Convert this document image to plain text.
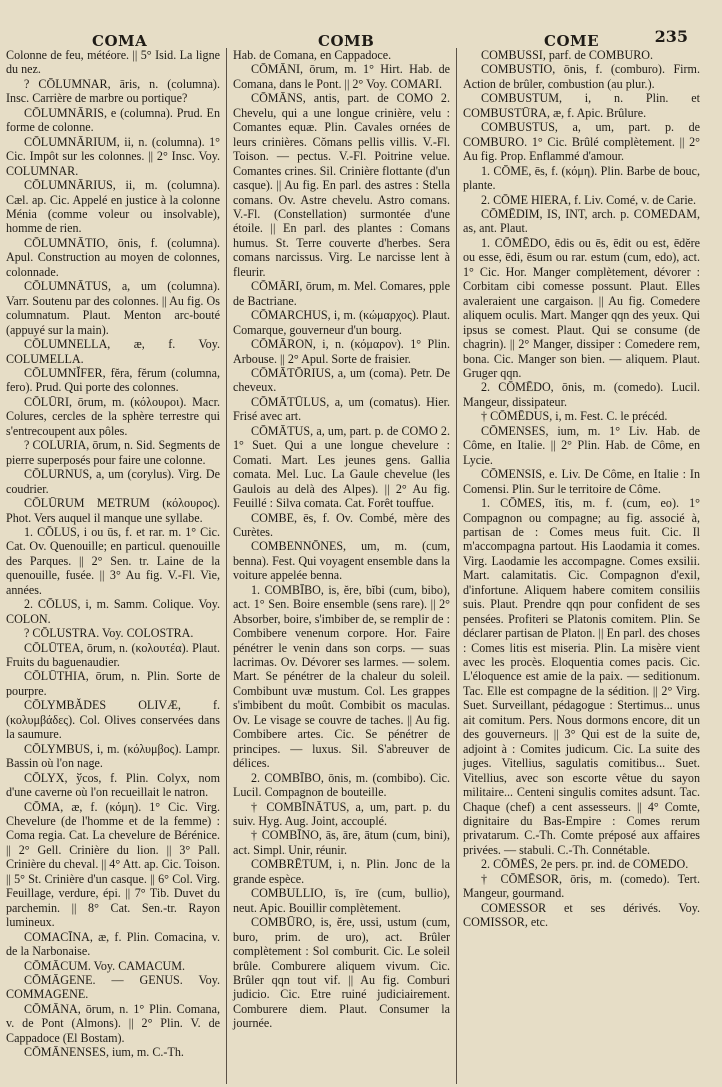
COMA	COMB	COME	235

Colonne de feu, météore. || 5° Isid. La ligne du nez.

? CŌLUMNAR, āris, n. (columna). Insc. Carrière de marbre ou portique?

CŌLUMNĀRIS, e (columna). Prud. En forme de colonne.

CŌLUMNĀRIUM, ii, n. (columna). 1° Cic. Impôt sur les colonnes. || 2° Insc. Voy. COLUMNAR.

CŌLUMNĀRIUS, ii, m. (columna). Cæl. ap. Cic. Appelé en justice à la colonne Ménia (comme voleur ou insolvable), homme de rien.

CŌLUMNĀTIO, ōnis, f. (columna). Apul. Construction au moyen de colonnes, colonnade.

CŌLUMNĀTUS, a, um (columna). Varr. Soutenu par des colonnes. || Au fig. Os columnatum. Plaut. Menton arc-bouté (appuyé sur la main).

CŌLUMNELLA, æ, f. Voy. COLUMELLA.

CŌLUMNĬFER, fĕra, fĕrum (columna, fero). Prud. Qui porte des colonnes.

CŌLŪRI, ōrum, m. (κόλουροι). Macr. Colures, cercles de la sphère terrestre qui s'entrecoupent aux pôles.

? COLURIA, ōrum, n. Sid. Segments de pierre superposés pour faire une colonne.

CŌLURNUS, a, um (corylus). Virg. De coudrier.

CŌLŪRUM METRUM (κόλουρος). Phot. Vers auquel il manque une syllabe.

1. CŌLUS, i ou ūs, f. et rar. m. 1° Cic. Cat. Ov. Quenouille; en particul. quenouille des Parques. || 2° Sen. tr. Laine de la quenouille, fusée. || 3° Au fig. V.-Fl. Vie, années.

2. CŌLUS, i, m. Samm. Colique. Voy. COLON.

? CŌLUSTRA. Voy. COLOSTRA.

CŌLŪTEA, ōrum, n. (κολουτέα). Plaut. Fruits du baguenaudier.

CŌLŪTHIA, ōrum, n. Plin. Sorte de pourpre.

CŌLYMBĂDES OLIVÆ, f. (κολυμβάδες). Col. Olives conservées dans la saumure.

CŌLYMBUS, i, m. (κόλυμβος). Lampr. Bassin où l'on nage.

CŌLYX, ўcos, f. Plin. Colyx, nom d'une caverne où l'on recueillait le natron.

CŌMA, æ, f. (κόμη). 1° Cic. Virg. Chevelure (de l'homme et de la femme) : Coma regia. Cat. La chevelure de Bérénice. || 2° Gell. Crinière du lion. || 3° Pall. Crinière du cheval. || 4° Att. ap. Cic. Toison. || 5° St. Crinière d'un casque. || 6° Col. Virg. Feuillage, verdure, épi. || 7° Tib. Duvet du parchemin. || 8° Cat. Sen.-tr. Rayon lumineux.

COMACĪNA, æ, f. Plin. Comacina, v. de la Narbonaise.

CŌMĀCUM. Voy. CAMACUM.

CŌMĀGENE. — GENUS. Voy. COMMAGENE.

CŌMĀNA, ōrum, n. 1° Plin. Comana, v. de Pont (Almons). || 2° Plin. V. de Cappadoce (El Bostam).

CŌMĀNENSES, ium, m. C.-Th.

Hab. de Comana, en Cappadoce.

CŌMĀNI, ōrum, m. 1° Hirt. Hab. de Comana, dans le Pont. || 2° Voy. COMARI.

CŌMĀNS, antis, part. de COMO 2. Chevelu, qui a une longue crinière, velu : Comantes equæ. Plin. Cavales ornées de leurs crinières. Cŏmans pellis villis. V.-Fl. Toison. — pectus. V.-Fl. Poitrine velue. Comantes crines. Sil. Crinière flottante (d'un casque). || Au fig. En parl. des astres : Stella comans. Ov. Astre chevelu. Astro comans. V.-Fl. (Constellation) surmontée d'une étoile. || En parl. des plantes : Comans humus. St. Terre couverte d'herbes. Sera comans narcissus. Virg. Le narcisse lent à fleurir.

CŌMĀRI, ōrum, m. Mel. Comares, pple de Bactriane.

CŌMARCHUS, i, m. (κώμαρχος). Plaut. Comarque, gouverneur d'un bourg.

CŌMĀRON, i, n. (κόμαρον). 1° Plin. Arbouse. || 2° Apul. Sorte de fraisier.

CŌMĀTŌRIUS, a, um (coma). Petr. De cheveux.

CŌMĀTŪLUS, a, um (comatus). Hier. Frisé avec art.

CŌMĀTUS, a, um, part. p. de COMO 2. 1° Suet. Qui a une longue chevelure : Comati. Mart. Les jeunes gens. Gallia comata. Mel. Luc. La Gaule chevelue (les Gaulois au delà des Alpes). || 2° Au fig. Feuillé : Silva comata. Cat. Forêt touffue.

COMBE, ēs, f. Ov. Combé, mère des Curètes.

COMBENNŌNES, um, m. (cum, benna). Fest. Qui voyagent ensemble dans la voiture appelée benna.

1. COMBĪBO, is, ĕre, bĭbi (cum, bibo), act. 1° Sen. Boire ensemble (sens rare). || 2° Absorber, boire, s'imbiber de, se remplir de : Combibere venenum corpore. Hor. Faire pénétrer le venin dans son corps. — suas lacrimas. Ov. Dévorer ses larmes. — solem. Mart. Se pénétrer de la chaleur du soleil. Combibunt uvæ mustum. Col. Les grappes s'imbibent du moût. Combibit os maculas. Ov. Le visage se couvre de taches. || Au fig. Combibere artes. Cic. Se pénétrer de principes. — luxus. Sil. S'abreuver de délices.

2. COMBĪBO, ōnis, m. (combibo). Cic. Lucil. Compagnon de bouteille.

† COMBĪNĀTUS, a, um, part. p. du suiv. Hyg. Aug. Joint, accouplé.

† COMBĪNO, ās, āre, ātum (cum, bini), act. Simpl. Unir, réunir.

COMBRĒTUM, i, n. Plin. Jonc de la grande espèce.

COMBULLIO, īs, īre (cum, bullio), neut. Apic. Bouillir complètement.

COMBŪRO, is, ĕre, ussi, ustum (cum, buro, prim. de uro), act. Brûler complètement : Sol comburit. Cic. Le soleil brûle. Comburere aliquem vivum. Cic. Brûler qqn tout vif. || Au fig. Comburi judicio. Cic. Etre ruiné judiciairement. Comburere diem. Plaut. Consumer la journée.

COMBUSSI, parf. de COMBURO.

COMBUSTIO, ōnis, f. (comburo). Firm. Action de brûler, combustion (au plur.).

COMBUSTUM, i, n. Plin. et COMBUSTŪRA, æ, f. Apic. Brûlure.

COMBUSTUS, a, um, part. p. de COMBURO. 1° Cic. Brûlé complètement. || 2° Au fig. Prop. Enflammé d'amour.

1. CŌME, ēs, f. (κόμη). Plin. Barbe de bouc, plante.

2. CŌME HIERA, f. Liv. Comé, v. de Carie.

CŌMĒDIM, IS, INT, arch. p. COMEDAM, as, ant. Plaut.

1. CŌMĒDO, ēdis ou ēs, ēdit ou est, ēdĕre ou esse, ēdi, ēsum ou rar. estum (cum, edo), act. 1° Cic. Hor. Manger complètement, dévorer : Corbitam cibi comesse possunt. Plaut. Elles avaleraient une cargaison. || Au fig. Comedere aliquem oculis. Mart. Manger qqn des yeux. Qui ipsus se comest. Plaut. Qui se consume (de chagrin). || 2° Manger, dissiper : Comedere rem, bona. Cic. Manger son bien. — aliquem. Plaut. Gruger qqn.

2. CŌMĒDO, ōnis, m. (comedo). Lucil. Mangeur, dissipateur.

† CŌMĒDUS, i, m. Fest. C. le précéd.

CŌMENSES, ium, m. 1° Liv. Hab. de Côme, en Italie. || 2° Plin. Hab. de Côme, en Lycie.

CŌMENSIS, e. Liv. De Côme, en Italie : In Comensi. Plin. Sur le territoire de Côme.

1. CŌMES, ĭtis, m. f. (cum, eo). 1° Compagnon ou compagne; au fig. associé à, partisan de : Comes meus fuit. Cic. Il m'accompagna partout. His Laodamia it comes. Virg. Laodamie les accompagne. Comes exsilii. Mart. calamitatis. Cic. Compagnon d'exil, d'infortune. Aliquem habere comitem consiliis suis. Plaut. Prendre qqn pour confident de ses pensées. Profiteri se Platonis comitem. Plin. Se déclarer partisan de Platon. || En parl. des choses : Comes litis est miseria. Plin. La misère vient avec les procès. Eloquentia comes pacis. Cic. L'éloquence est amie de la paix. — seditionum. Tac. Elle est compagne de la sédition. || 2° Virg. Suet. Surveillant, pédagogue : Stertimus... unus ait comitum. Pers. Nous dormons encore, dit un des gouverneurs. || 3° Qui est de la suite de, adjoint à : Comites judicum. Cic. La suite des juges. Vitellius, sagulatis comitibus... Suet. Vitellius, avec son escorte vêtue du sayon militaire... Centeni singulis comites adsunt. Tac. Chaque (chef) a cent assesseurs. || 4° Comte, dignitaire du Bas-Empire : Comes rerum privatarum. C.-Th. Comte préposé aux affaires privées. — stabuli. C.-Th. Connétable.

2. CŌMĒS, 2e pers. pr. ind. de COMEDO.

† CŌMĒSOR, ōris, m. (comedo). Tert. Mangeur, gourmand.

COMESSOR et ses dérivés. Voy. COMISSOR, etc.
